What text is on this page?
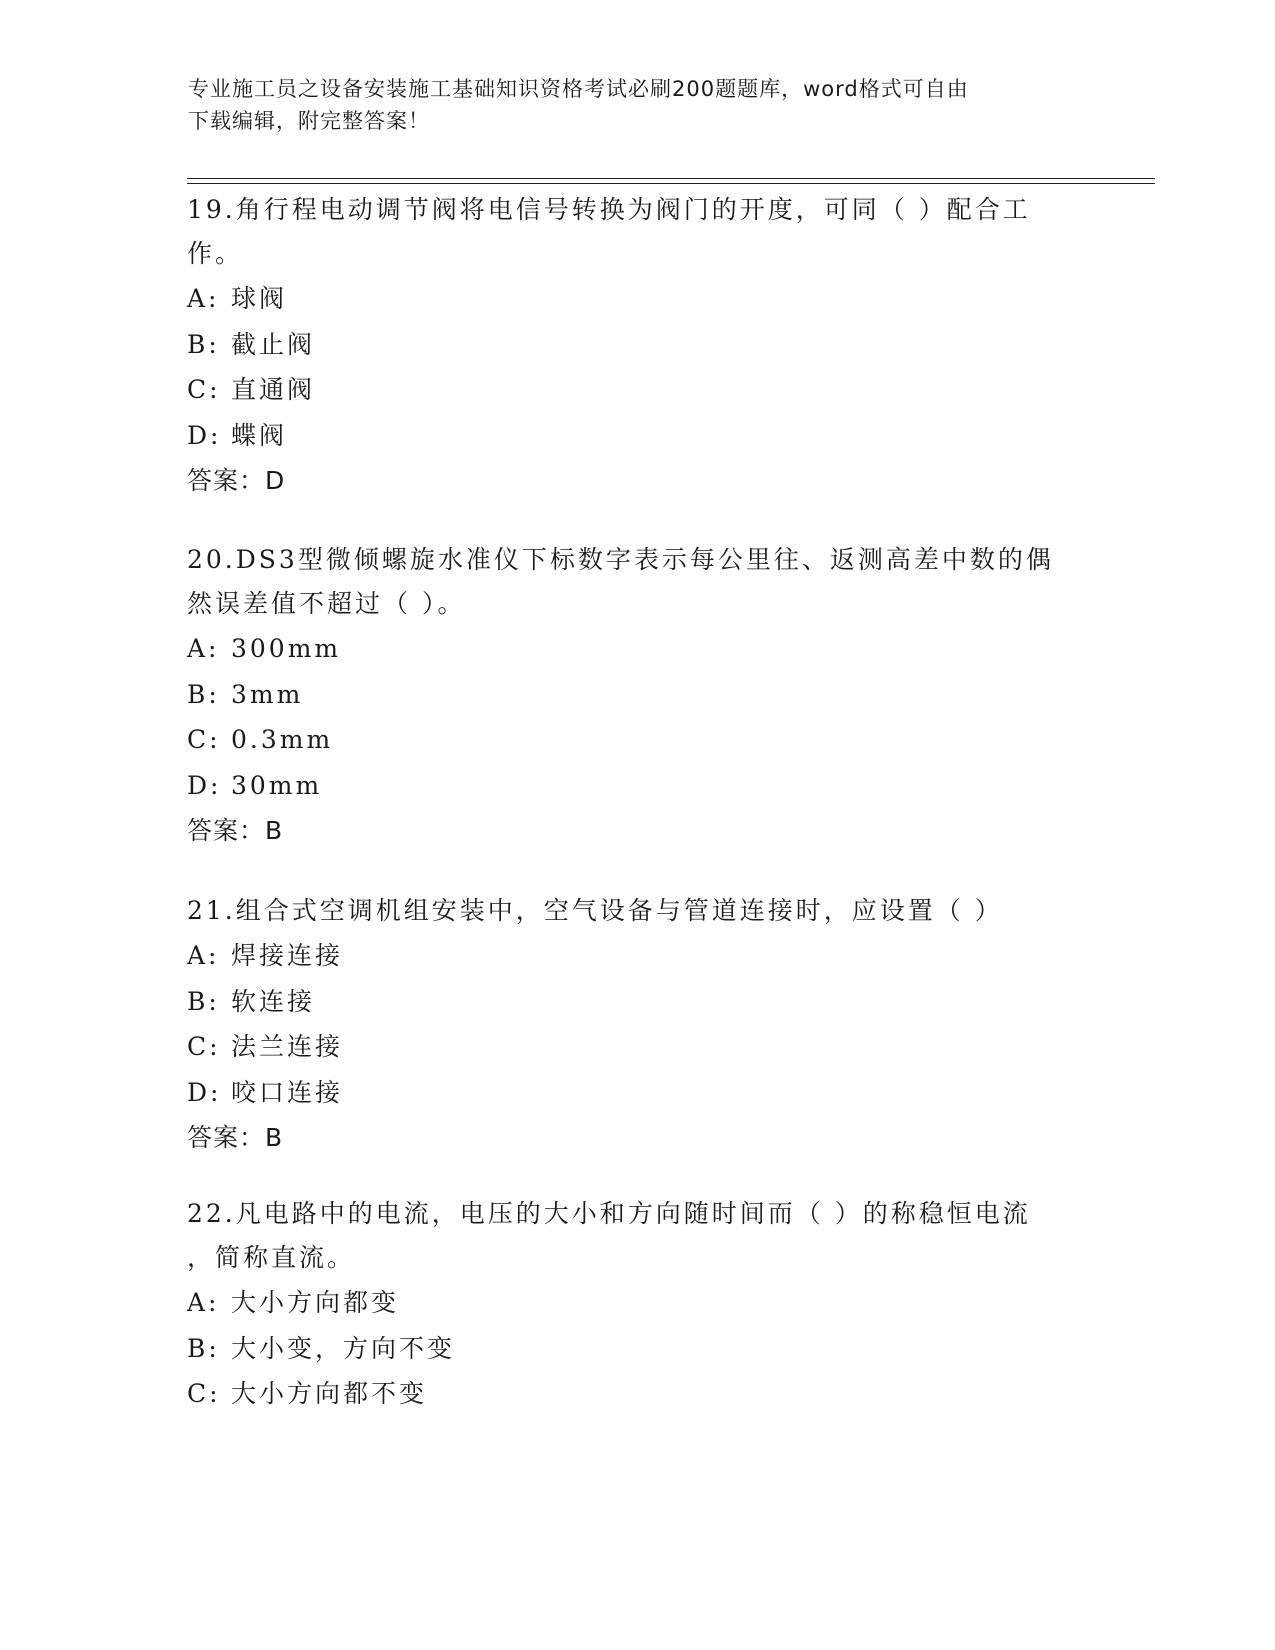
专业施工员之设备安装施工基础知识资格考试必刷200题题库，word格式可自由
下载编辑，附完整答案！
19.角行程电动调节阀将电信号转换为阀门的开度，可同（ ）配合工
作。
A: 球阀
B: 截止阀
C: 直通阀
D: 蝶阀
答案：D
20.DS3型微倾螺旋水准仪下标数字表示每公里往、返测高差中数的偶
然误差值不超过（ ）。
A: 300mm
B: 3mm
C: 0.3mm
D: 30mm
答案：B
21.组合式空调机组安装中，空气设备与管道连接时，应设置（ ）
A: 焊接连接
B: 软连接
C: 法兰连接
D: 咬口连接
答案：B
22.凡电路中的电流，电压的大小和方向随时间而（ ）的称稳恒电流
，简称直流。
A: 大小方向都变
B: 大小变，方向不变
C: 大小方向都不变
